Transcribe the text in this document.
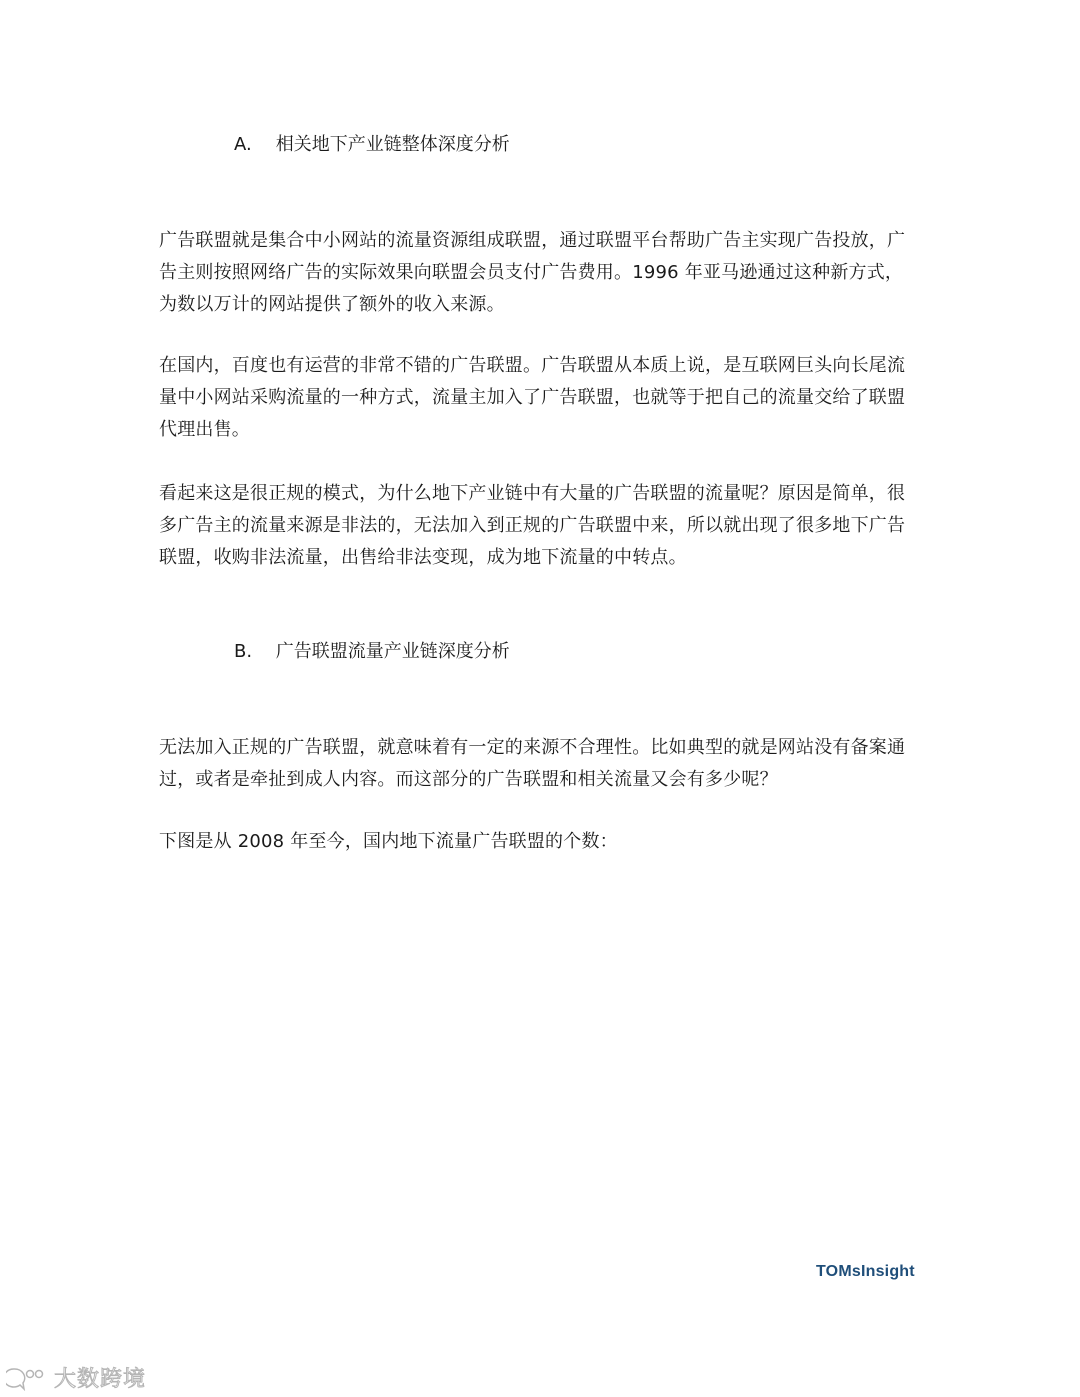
A. 相关地下产业链整体深度分析
广告联盟就是集合中小网站的流量资源组成联盟，通过联盟平台帮助广告主实现广告投放，广
告主则按照网络广告的实际效果向联盟会员支付广告费用。1996 年亚马逊通过这种新方式，
为数以万计的网站提供了额外的收入来源。
在国内，百度也有运营的非常不错的广告联盟。广告联盟从本质上说，是互联网巨头向长尾流
量中小网站采购流量的一种方式，流量主加入了广告联盟，也就等于把自己的流量交给了联盟
代理出售。
看起来这是很正规的模式，为什么地下产业链中有大量的广告联盟的流量呢？原因是简单，很
多广告主的流量来源是非法的，无法加入到正规的广告联盟中来，所以就出现了很多地下广告
联盟，收购非法流量，出售给非法变现，成为地下流量的中转点。
B. 广告联盟流量产业链深度分析
无法加入正规的广告联盟，就意味着有一定的来源不合理性。比如典型的就是网站没有备案通
过，或者是牵扯到成人内容。而这部分的广告联盟和相关流量又会有多少呢？
下图是从 2008 年至今，国内地下流量广告联盟的个数：
TOMsInsight
大数跨境
